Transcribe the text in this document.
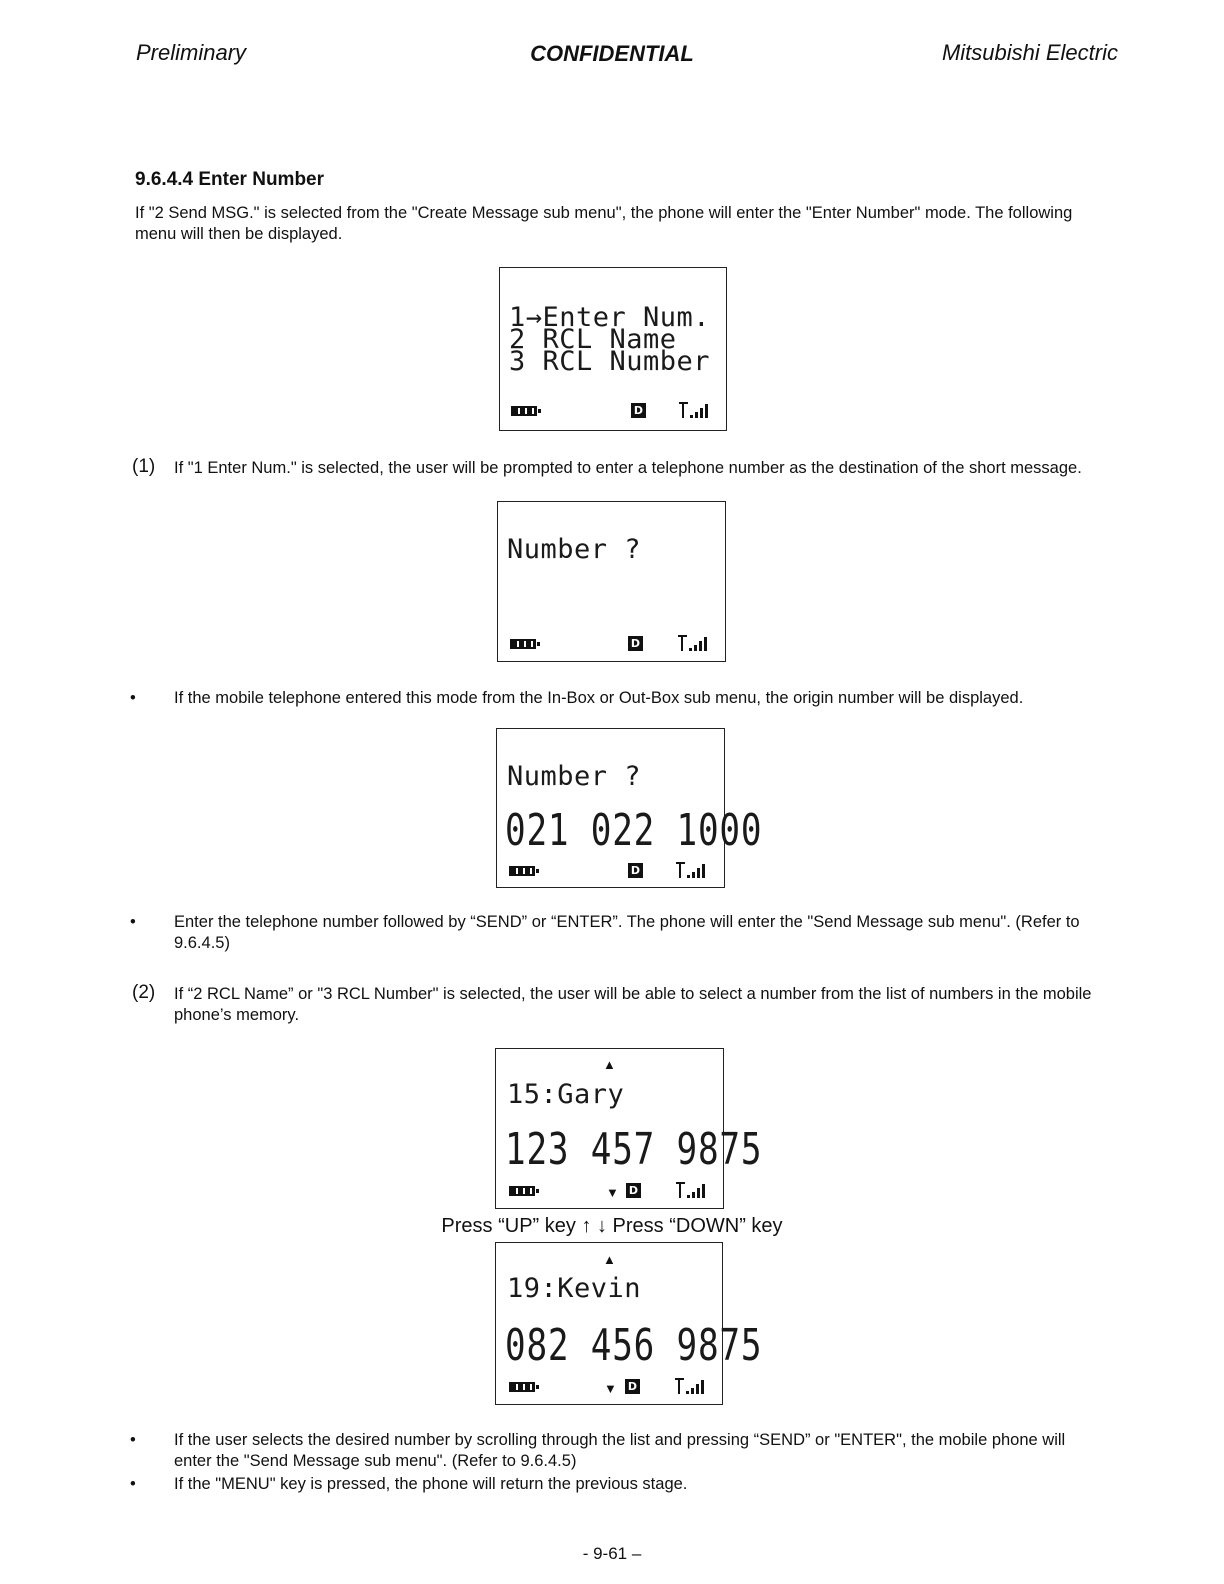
Preliminary	CONFIDENTIAL	Mitsubishi Electric
9.6.4.4 Enter Number
If "2 Send MSG." is selected from the "Create Message sub menu", the phone will enter the "Enter Number" mode. The following menu will then be displayed.
1→Enter Num.
2 RCL Name
3 RCL Number
D
(1) If "1 Enter Num." is selected, the user will be prompted to enter a telephone number as the destination of the short message.
Number ?
D
• If the mobile telephone entered this mode from the In-Box or Out-Box sub menu, the origin number will be displayed.
Number ?
021 022 1000
D
• Enter the telephone number followed by “SEND” or “ENTER”. The phone will enter the "Send Message sub menu". (Refer to 9.6.4.5)
(2) If “2 RCL Name” or "3 RCL Number" is selected, the user will be able to select a number from the list of numbers in the mobile phone’s memory.
▲
15:Gary
123 457 9875
▼ D
Press “UP” key ↑ ↓ Press “DOWN” key
▲
19:Kevin
082 456 9875
▼ D
• If the user selects the desired number by scrolling through the list and pressing “SEND” or "ENTER", the mobile phone will enter the "Send Message sub menu". (Refer to 9.6.4.5)
• If the "MENU" key is pressed, the phone will return the previous stage.
- 9-61 –
